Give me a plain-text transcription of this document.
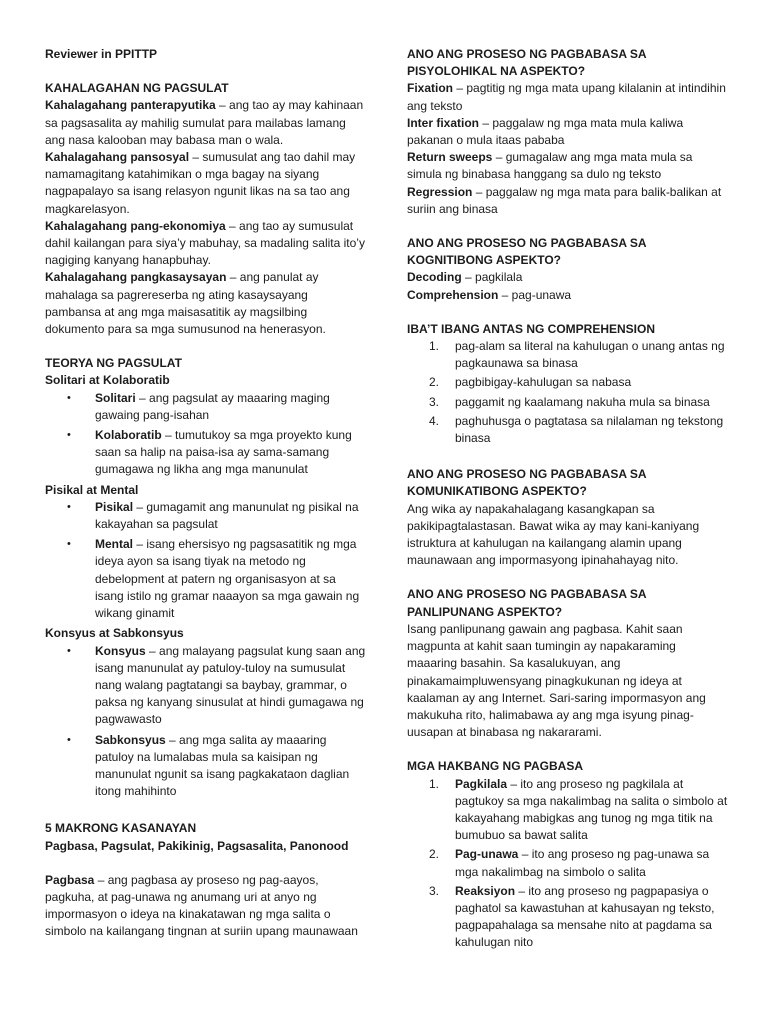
Reviewer in PPITTP

KAHALAGAHAN NG PAGSULAT

Kahalagahang panterapyutika – ang tao ay may kahinaan sa pagsasalita ay mahilig sumulat para mailabas lamang ang nasa kalooban may babasa man o wala.

Kahalagahang pansosyal – sumusulat ang tao dahil may namamagitang katahimikan o mga bagay na siyang nagpapalayo sa isang relasyon ngunit likas na sa tao ang magkarelasyon.

Kahalagahang pang-ekonomiya – ang tao ay sumusulat dahil kailangan para siya’y mabuhay, sa madaling salita ito’y nagiging kanyang hanapbuhay.

Kahalagahang pangkasaysayan – ang panulat ay mahalaga sa pagrereserba ng ating kasaysayang pambansa at ang mga maisasatitik ay magsilbing dokumento para sa mga sumusunod na henerasyon.

TEORYA NG PAGSULAT

Solitari at Kolaboratib

• Solitari – ang pagsulat ay maaaring maging gawaing pang-isahan
• Kolaboratib – tumutukoy sa mga proyekto kung saan sa halip na paisa-isa ay sama-samang gumagawa ng likha ang mga manunulat

Pisikal at Mental

• Pisikal – gumagamit ang manunulat ng pisikal na kakayahan sa pagsulat
• Mental – isang ehersisyo ng pagsasatitik ng mga ideya ayon sa isang tiyak na metodo ng debelopment at patern ng organisasyon at sa isang istilo ng gramar naaayon sa mga gawain ng wikang ginamit

Konsyus at Sabkonsyus

• Konsyus – ang malayang pagsulat kung saan ang isang manunulat ay patuloy-tuloy na sumusulat nang walang pagtatangi sa baybay, grammar, o paksa ng kanyang sinusulat at hindi gumagawa ng pagwawasto
• Sabkonsyus – ang mga salita ay maaaring patuloy na lumalabas mula sa kaisipan ng manunulat ngunit sa isang pagkakataon daglian itong mahihinto

5 MAKRONG KASANAYAN

Pagbasa, Pagsulat, Pakikinig, Pagsasalita, Panonood

Pagbasa – ang pagbasa ay proseso ng pag-aayos, pagkuha, at pag-unawa ng anumang uri at anyo ng impormasyon o ideya na kinakatawan ng mga salita o simbolo na kailangang tingnan at suriin upang maunawaan

ANO ANG PROSESO NG PAGBABASA SA PISYOLOHIKAL NA ASPEKTO?

Fixation – pagtitig ng mga mata upang kilalanin at intindihin ang teksto

Inter fixation – paggalaw ng mga mata mula kaliwa pakanan o mula itaas pababa

Return sweeps – gumagalaw ang mga mata mula sa simula ng binabasa hanggang sa dulo ng teksto

Regression – paggalaw ng mga mata para balik-balikan at suriin ang binasa

ANO ANG PROSESO NG PAGBABASA SA KOGNITIBONG ASPEKTO?

Decoding – pagkilala

Comprehension – pag-unawa

IBA’T IBANG ANTAS NG COMPREHENSION

1. pag-alam sa literal na kahulugan o unang antas ng pagkaunawa sa binasa
2. pagbibigay-kahulugan sa nabasa
3. paggamit ng kaalamang nakuha mula sa binasa
4. paghuhusga o pagtatasa sa nilalaman ng tekstong binasa

ANO ANG PROSESO NG PAGBABASA SA KOMUNIKATIBONG ASPEKTO?

Ang wika ay napakahalagang kasangkapan sa pakikipagtalastasan. Bawat wika ay may kani-kaniyang istruktura at kahulugan na kailangang alamin upang maunawaan ang impormasyong ipinahahayag nito.

ANO ANG PROSESO NG PAGBABASA SA PANLIPUNANG ASPEKTO?

Isang panlipunang gawain ang pagbasa. Kahit saan magpunta at kahit saan tumingin ay napakaraming maaaring basahin. Sa kasalukuyan, ang pinakamaimpluwensyang pinagkukunan ng ideya at kaalaman ay ang Internet. Sari-saring impormasyon ang makukuha rito, halimabawa ay ang mga isyung pinag-uusapan at binabasa ng nakararami.

MGA HAKBANG NG PAGBASA

1. Pagkilala – ito ang proseso ng pagkilala at pagtukoy sa mga nakalimbag na salita o simbolo at kakayahang mabigkas ang tunog ng mga titik na bumubuo sa bawat salita
2. Pag-unawa – ito ang proseso ng pag-unawa sa mga nakalimbag na simbolo o salita
3. Reaksiyon – ito ang proseso ng pagpapasiya o paghatol sa kawastuhan at kahusayan ng teksto, pagpapahalaga sa mensahe nito at pagdama sa kahulugan nito
